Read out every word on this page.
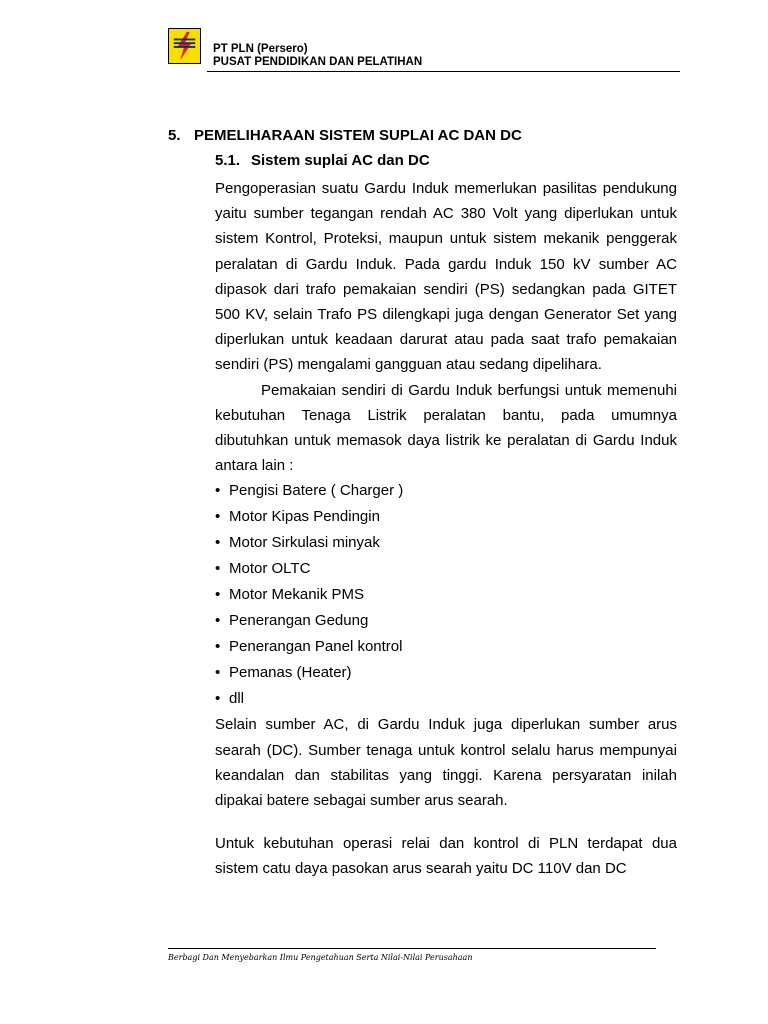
PT PLN (Persero)
PUSAT PENDIDIKAN DAN PELATIHAN
5. PEMELIHARAAN SISTEM SUPLAI AC DAN DC
5.1. Sistem suplai AC dan DC
Pengoperasian suatu Gardu Induk memerlukan pasilitas pendukung yaitu sumber tegangan rendah AC 380 Volt yang diperlukan untuk sistem Kontrol, Proteksi, maupun untuk sistem mekanik penggerak peralatan di Gardu Induk. Pada gardu Induk 150 kV sumber AC dipasok dari trafo pemakaian sendiri (PS) sedangkan pada GITET 500 KV, selain Trafo PS dilengkapi juga dengan Generator Set yang diperlukan untuk keadaan darurat atau pada saat trafo pemakaian sendiri (PS) mengalami gangguan atau sedang dipelihara.
Pemakaian sendiri di Gardu Induk berfungsi untuk memenuhi kebutuhan Tenaga Listrik peralatan bantu, pada umumnya dibutuhkan untuk memasok daya listrik ke peralatan di Gardu Induk antara lain :
• Pengisi Batere ( Charger )
• Motor Kipas Pendingin
• Motor Sirkulasi minyak
• Motor OLTC
• Motor Mekanik PMS
• Penerangan Gedung
• Penerangan Panel kontrol
• Pemanas (Heater)
• dll
Selain sumber AC, di Gardu Induk juga diperlukan sumber arus searah (DC). Sumber tenaga untuk kontrol selalu harus mempunyai keandalan dan stabilitas yang tinggi. Karena persyaratan inilah dipakai batere sebagai sumber arus searah.
Untuk kebutuhan operasi relai dan kontrol di PLN terdapat dua sistem catu daya pasokan arus searah yaitu DC 110V dan DC
Berbagi Dan Menyebarkan Ilmu Pengetahuan Serta Nilai-Nilai Perusahaan
